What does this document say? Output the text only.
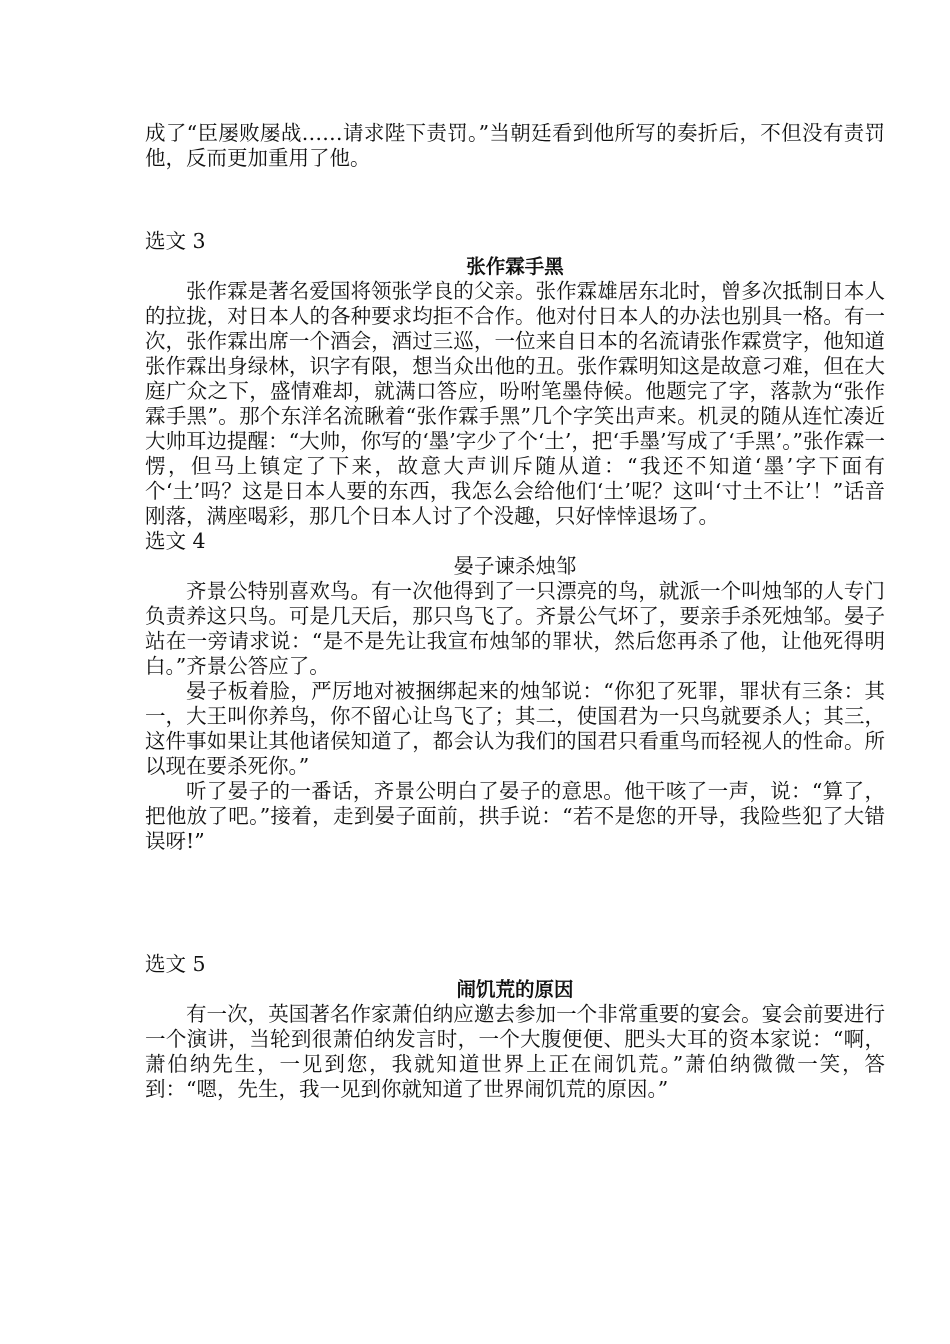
成了“臣屡败屡战……请求陛下责罚。”当朝廷看到他所写的奏折后，不但没有责罚他，反而更加重用了他。

选文 3

张作霖手黑

张作霖是著名爱国将领张学良的父亲。张作霖雄居东北时，曾多次抵制日本人的拉拢，对日本人的各种要求均拒不合作。他对付日本人的办法也别具一格。有一次，张作霖出席一个酒会，酒过三巡，一位来自日本的名流请张作霖赏字，他知道张作霖出身绿林，识字有限，想当众出他的丑。张作霖明知这是故意刁难，但在大庭广众之下，盛情难却，就满口答应，吩咐笔墨侍候。他题完了字，落款为“张作霖手黑”。那个东洋名流瞅着“张作霖手黑”几个字笑出声来。机灵的随从连忙凑近大帅耳边提醒：“大帅，你写的‘墨’字少了个‘土’，把‘手墨’写成了‘手黑’。”张作霖一愣，但马上镇定了下来，故意大声训斥随从道：“我还不知道‘墨’字下面有个‘土’吗？这是日本人要的东西，我怎么会给他们‘土’呢？这叫‘寸土不让’！”话音刚落，满座喝彩，那几个日本人讨了个没趣，只好悻悻退场了。

选文 4

晏子谏杀烛邹

齐景公特别喜欢鸟。有一次他得到了一只漂亮的鸟，就派一个叫烛邹的人专门负责养这只鸟。可是几天后，那只鸟飞了。齐景公气坏了，要亲手杀死烛邹。晏子站在一旁请求说：“是不是先让我宣布烛邹的罪状，然后您再杀了他，让他死得明白。”齐景公答应了。

晏子板着脸，严厉地对被捆绑起来的烛邹说：“你犯了死罪，罪状有三条：其一，大王叫你养鸟，你不留心让鸟飞了；其二，使国君为一只鸟就要杀人；其三，这件事如果让其他诸侯知道了，都会认为我们的国君只看重鸟而轻视人的性命。所以现在要杀死你。”

听了晏子的一番话，齐景公明白了晏子的意思。他干咳了一声，说：“算了，把他放了吧。”接着，走到晏子面前，拱手说：“若不是您的开导，我险些犯了大错误呀!”

选文 5

闹饥荒的原因

有一次，英国著名作家萧伯纳应邀去参加一个非常重要的宴会。宴会前要进行一个演讲，当轮到很萧伯纳发言时，一个大腹便便、肥头大耳的资本家说：“啊，萧伯纳先生，一见到您，我就知道世界上正在闹饥荒。”萧伯纳微微一笑，答到：“嗯，先生，我一见到你就知道了世界闹饥荒的原因。”
